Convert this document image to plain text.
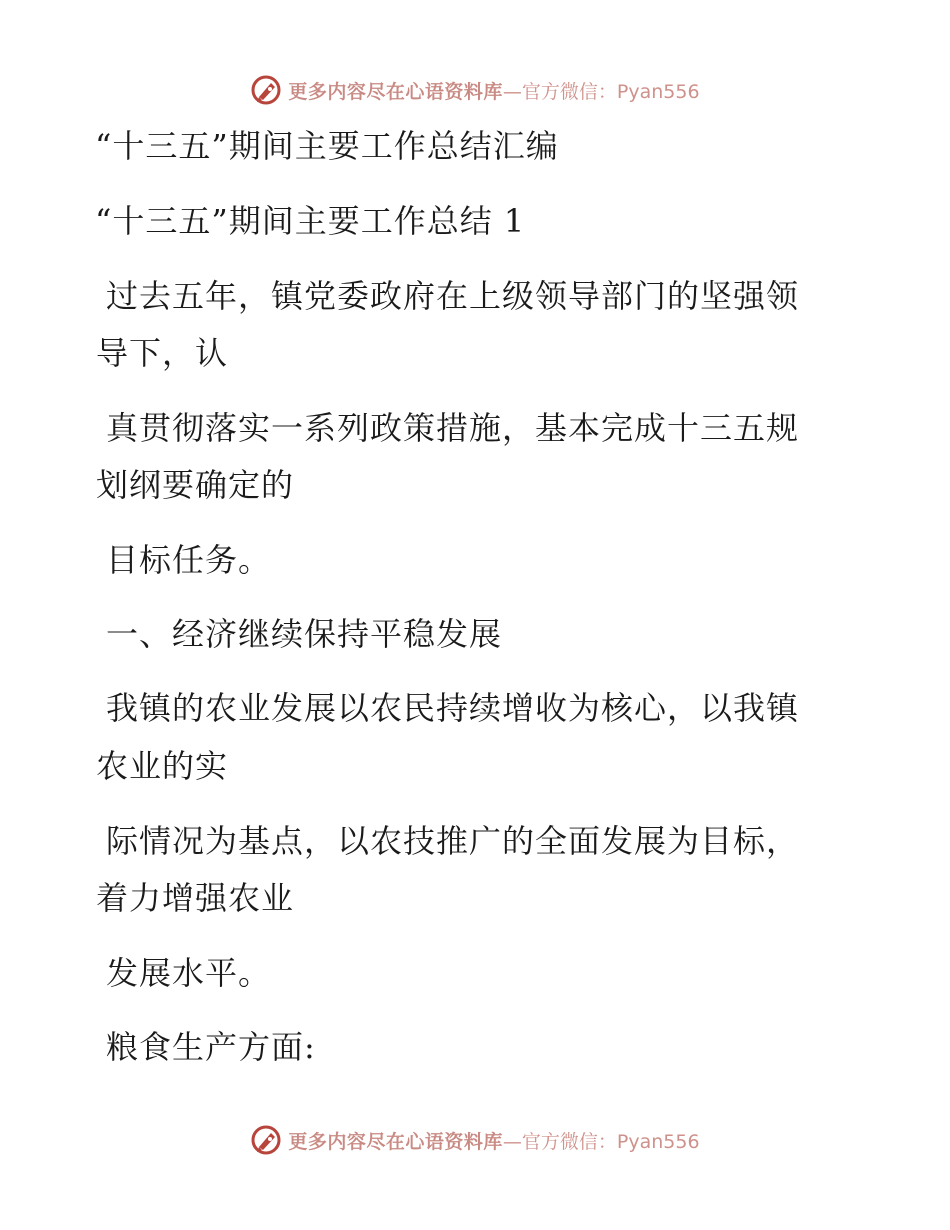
更多内容尽在心语资料库 —官方微信：Pyan556
“十三五”期间主要工作总结汇编
“十三五”期间主要工作总结 1
过去五年，镇党委政府在上级领导部门的坚强领
导下，认
真贯彻落实一系列政策措施，基本完成十三五规
划纲要确定的
目标任务。
一、经济继续保持平稳发展
我镇的农业发展以农民持续增收为核心，以我镇
农业的实
际情况为基点，以农技推广的全面发展为目标，
着力增强农业
发展水平。
粮食生产方面:
更多内容尽在心语资料库 —官方微信：Pyan556
